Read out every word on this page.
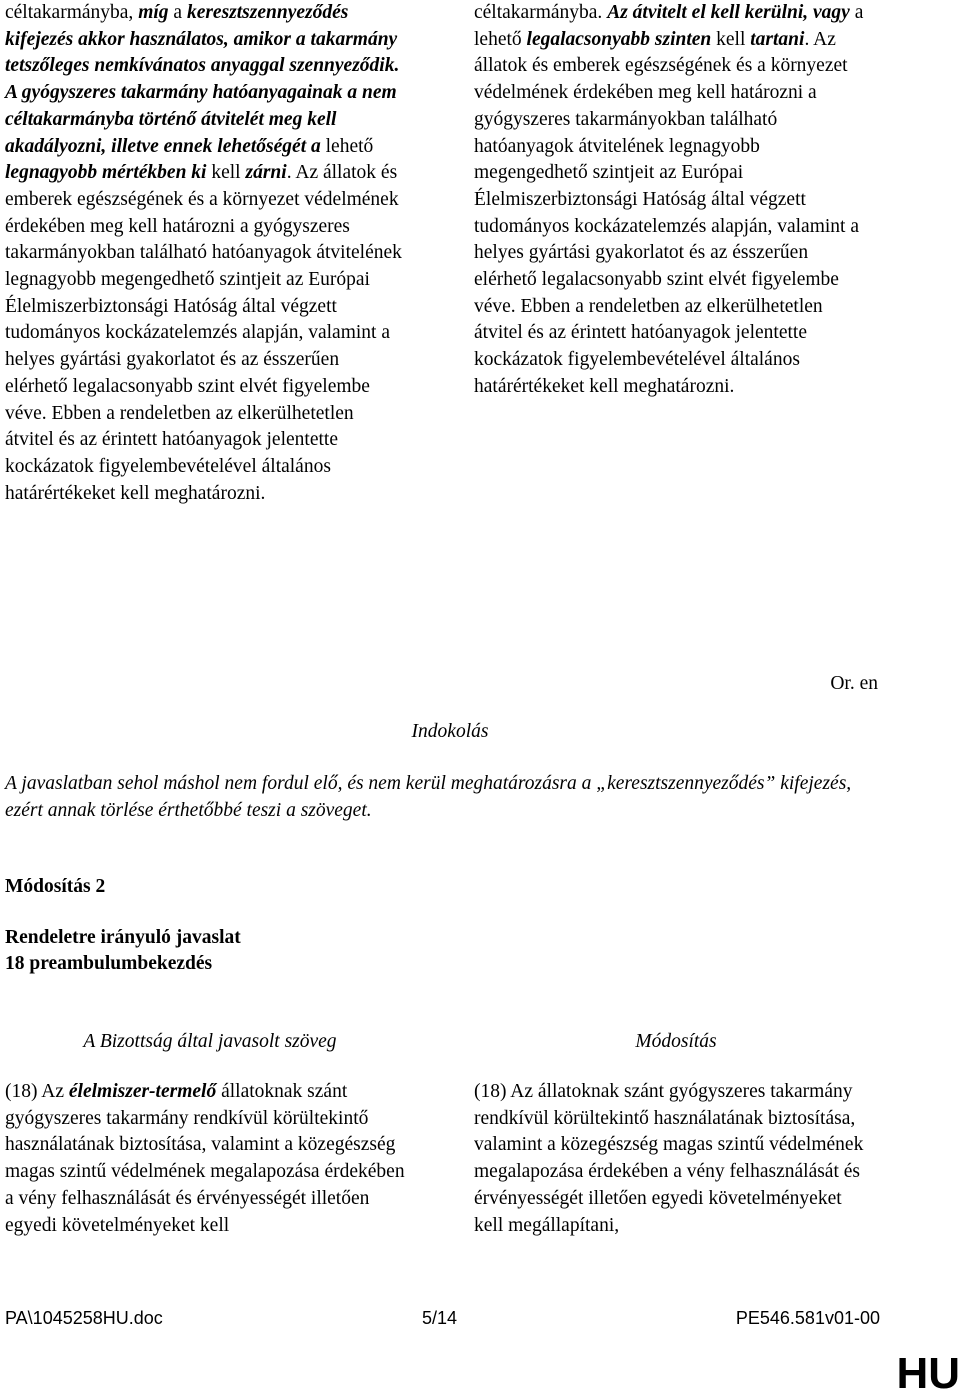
céltakarmányba, míg a keresztszennyeződés kifejezés akkor használatos, amikor a takarmány tetszőleges nemkívánatos anyaggal szennyeződik. A gyógyszeres takarmány hatóanyagainak a nem céltakarmányba történő átvitelét meg kell akadályozni, illetve ennek lehetőségét a lehető legnagyobb mértékben ki kell zárni. Az állatok és emberek egészségének és a környezet védelmének érdekében meg kell határozni a gyógyszeres takarmányokban található hatóanyagok átvitelének legnagyobb megengedhető szintjeit az Európai Élelmiszerbiztonsági Hatóság által végzett tudományos kockázatelemzés alapján, valamint a helyes gyártási gyakorlatot és az ésszerűen elérhető legalacsonyabb szint elvét figyelembe véve. Ebben a rendeletben az elkerülhetetlen átvitel és az érintett hatóanyagok jelentette kockázatok figyelembevételével általános határértékeket kell meghatározni.

céltakarmányba. Az átvitelt el kell kerülni, vagy a lehető legalacsonyabb szinten kell tartani. Az állatok és emberek egészségének és a környezet védelmének érdekében meg kell határozni a gyógyszeres takarmányokban található hatóanyagok átvitelének legnagyobb megengedhető szintjeit az Európai Élelmiszerbiztonsági Hatóság által végzett tudományos kockázatelemzés alapján, valamint a helyes gyártási gyakorlatot és az ésszerűen elérhető legalacsonyabb szint elvét figyelembe véve. Ebben a rendeletben az elkerülhetetlen átvitel és az érintett hatóanyagok jelentette kockázatok figyelembevételével általános határértékeket kell meghatározni.

Or. en
Indokolás
A javaslatban sehol máshol nem fordul elő, és nem kerül meghatározásra a „keresztszennyeződés” kifejezés, ezért annak törlése érthetőbbé teszi a szöveget.
Módosítás 2
Rendeletre irányuló javaslat
18 preambulumbekezdés
A Bizottság által javasolt szöveg	Módosítás

(18) Az élelmiszer-termelő állatoknak szánt gyógyszeres takarmány rendkívül körültekintő használatának biztosítása, valamint a közegészség magas szintű védelmének megalapozása érdekében a vény felhasználását és érvényességét illetően egyedi követelményeket kell

(18) Az állatoknak szánt gyógyszeres takarmány rendkívül körültekintő használatának biztosítása, valamint a közegészség magas szintű védelmének megalapozása érdekében a vény felhasználását és érvényességét illetően egyedi követelményeket kell megállapítani,

PA\1045258HU.doc	5/14	PE546.581v01-00
HU
